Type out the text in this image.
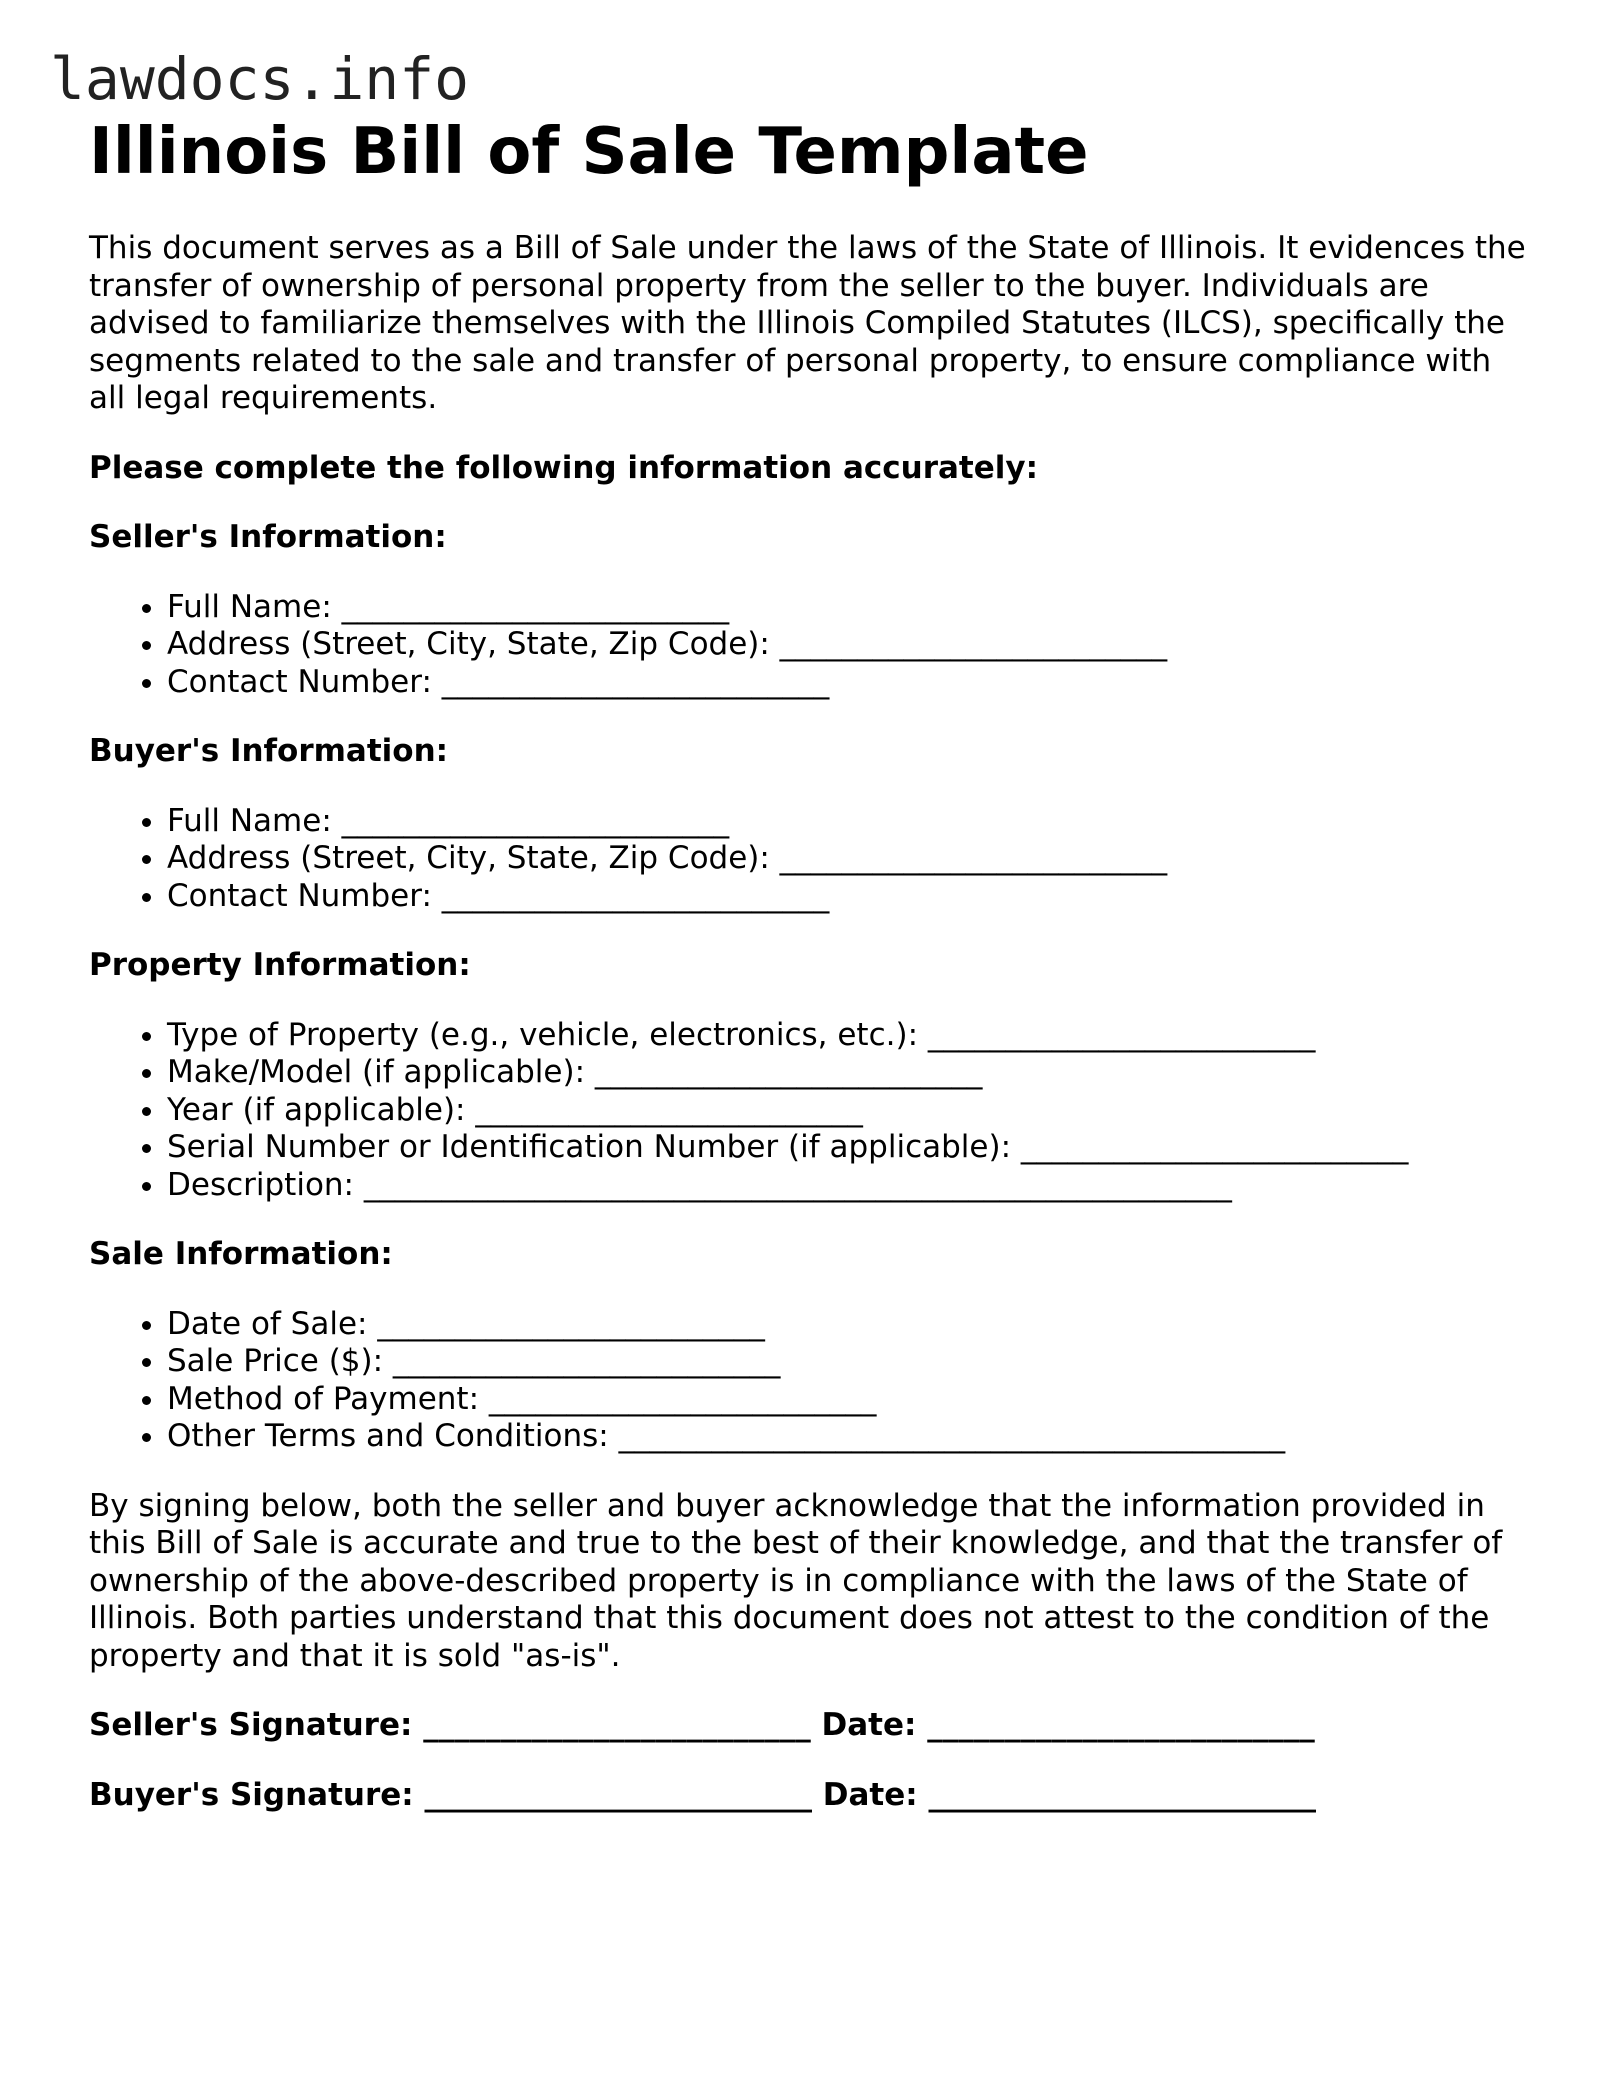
lawdocs.info
Illinois Bill of Sale Template

This document serves as a Bill of Sale under the laws of the State of Illinois. It evidences the transfer of ownership of personal property from the seller to the buyer. Individuals are advised to familiarize themselves with the Illinois Compiled Statutes (ILCS), specifically the segments related to the sale and transfer of personal property, to ensure compliance with all legal requirements.

Please complete the following information accurately:
Seller's Information:
• Full Name: _________________________
• Address (Street, City, State, Zip Code): _________________________
• Contact Number: _________________________
Buyer's Information:
• Full Name: _________________________
• Address (Street, City, State, Zip Code): _________________________
• Contact Number: _________________________
Property Information:
• Type of Property (e.g., vehicle, electronics, etc.): _________________________
• Make/Model (if applicable): _________________________
• Year (if applicable): _________________________
• Serial Number or Identification Number (if applicable): _________________________
• Description: ________________________________________________________
Sale Information:
• Date of Sale: _________________________
• Sale Price ($): _________________________
• Method of Payment: _________________________
• Other Terms and Conditions: ___________________________________________

By signing below, both the seller and buyer acknowledge that the information provided in this Bill of Sale is accurate and true to the best of their knowledge, and that the transfer of ownership of the above-described property is in compliance with the laws of the State of Illinois. Both parties understand that this document does not attest to the condition of the property and that it is sold "as-is".

Seller's Signature: _________________________ Date: _________________________
Buyer's Signature: _________________________ Date: _________________________
